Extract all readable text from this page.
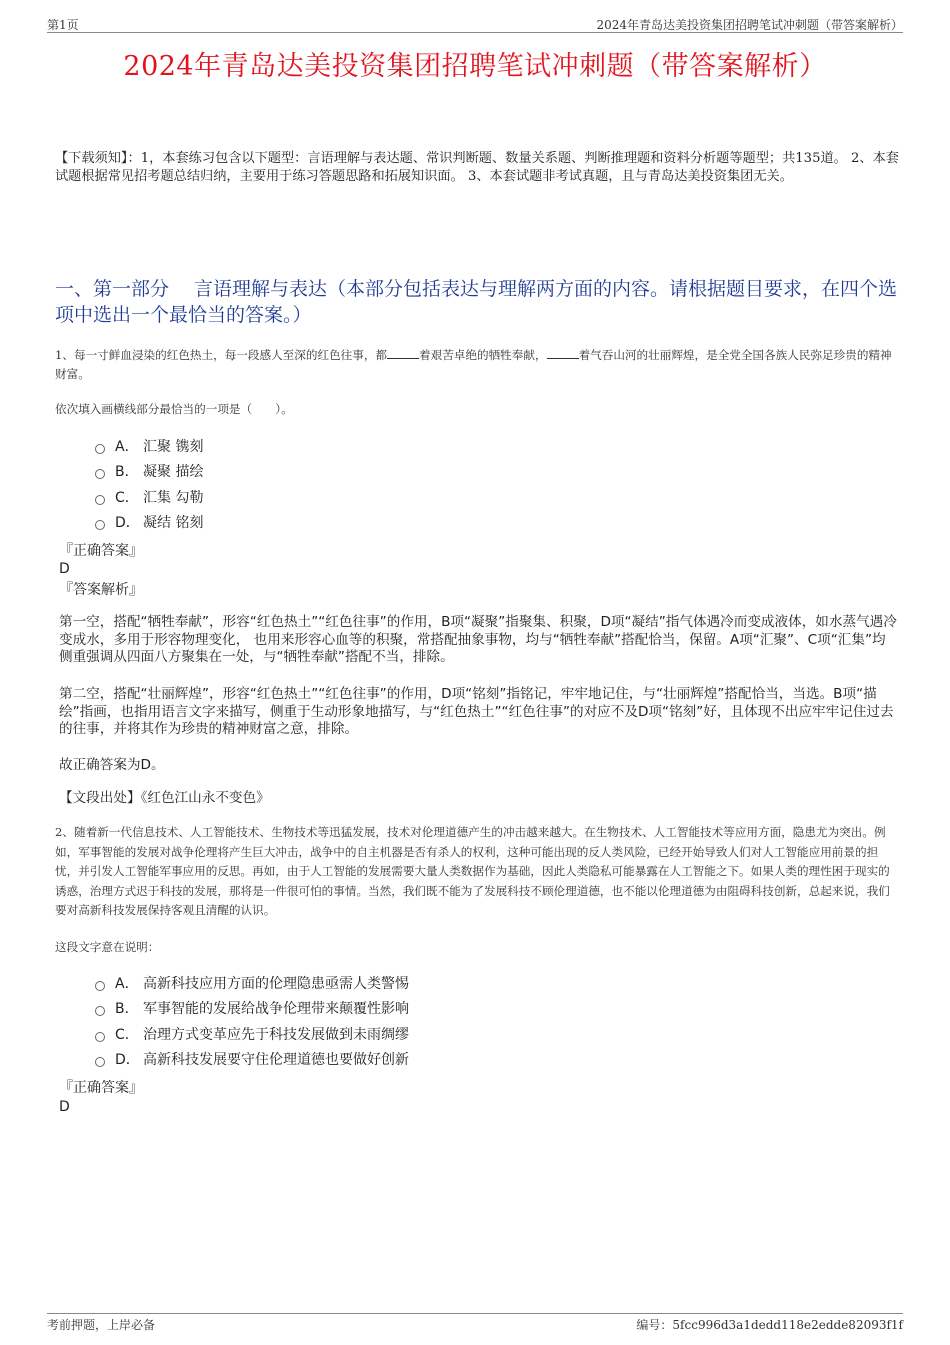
第1页	2024年青岛达美投资集团招聘笔试冲刺题（带答案解析）
2024年青岛达美投资集团招聘笔试冲刺题（带答案解析）
【下载须知】：1，本套练习包含以下题型：言语理解与表达题、常识判断题、数量关系题、判断推理题和资料分析题等题型；共135道。 2、本套试题根据常见招考题总结归纳，主要用于练习答题思路和拓展知识面。 3、本套试题非考试真题，且与青岛达美投资集团无关。
一、第一部分　 言语理解与表达（本部分包括表达与理解两方面的内容。请根据题目要求，在四个选项中选出一个最恰当的答案。）
1、每一寸鲜血浸染的红色热土，每一段感人至深的红色往事，都	着艰苦卓绝的牺牲奉献，	着气吞山河的壮丽辉煌，是全党全国各族人民弥足珍贵的精神财富。
依次填入画横线部分最恰当的一项是（　　）。
A． 汇聚 镌刻
B． 凝聚 描绘
C． 汇集 勾勒
D． 凝结 铭刻
『正确答案』
D
『答案解析』
第一空，搭配“牺牲奉献”，形容“红色热土”“红色往事”的作用，B项“凝聚”指聚集、积聚，D项“凝结”指气体遇冷而变成液体，如水蒸气遇冷变成水，多用于形容物理变化， 也用来形容心血等的积聚，常搭配抽象事物，均与“牺牲奉献”搭配恰当，保留。A项“汇聚”、C项“汇集”均侧重强调从四面八方聚集在一处，与“牺牲奉献”搭配不当，排除。
第二空，搭配“壮丽辉煌”，形容“红色热土”“红色往事”的作用，D项“铭刻”指铭记，牢牢地记住，与“壮丽辉煌”搭配恰当，当选。B项“描绘”指画，也指用语言文字来描写，侧重于生动形象地描写，与“红色热土”“红色往事”的对应不及D项“铭刻”好，且体现不出应牢牢记住过去的往事，并将其作为珍贵的精神财富之意，排除。
故正确答案为D。
【文段出处】《红色江山永不变色》
2、随着新一代信息技术、人工智能技术、生物技术等迅猛发展，技术对伦理道德产生的冲击越来越大。在生物技术、人工智能技术等应用方面，隐患尤为突出。例如，军事智能的发展对战争伦理将产生巨大冲击，战争中的自主机器是否有杀人的权利，这种可能出现的反人类风险，已经开始导致人们对人工智能应用前景的担忧，并引发人工智能军事应用的反思。再如，由于人工智能的发展需要大量人类数据作为基础，因此人类隐私可能暴露在人工智能之下。如果人类的理性困于现实的诱惑，治理方式迟于科技的发展，那将是一件很可怕的事情。当然，我们既不能为了发展科技不顾伦理道德，也不能以伦理道德为由阻碍科技创新，总起来说，我们要对高新科技发展保持客观且清醒的认识。
这段文字意在说明：
A． 高新科技应用方面的伦理隐患亟需人类警惕
B． 军事智能的发展给战争伦理带来颠覆性影响
C． 治理方式变革应先于科技发展做到未雨绸缪
D． 高新科技发展要守住伦理道德也要做好创新
『正确答案』
D
考前押题，上岸必备	编号：5fcc996d3a1dedd118e2edde82093f1f
